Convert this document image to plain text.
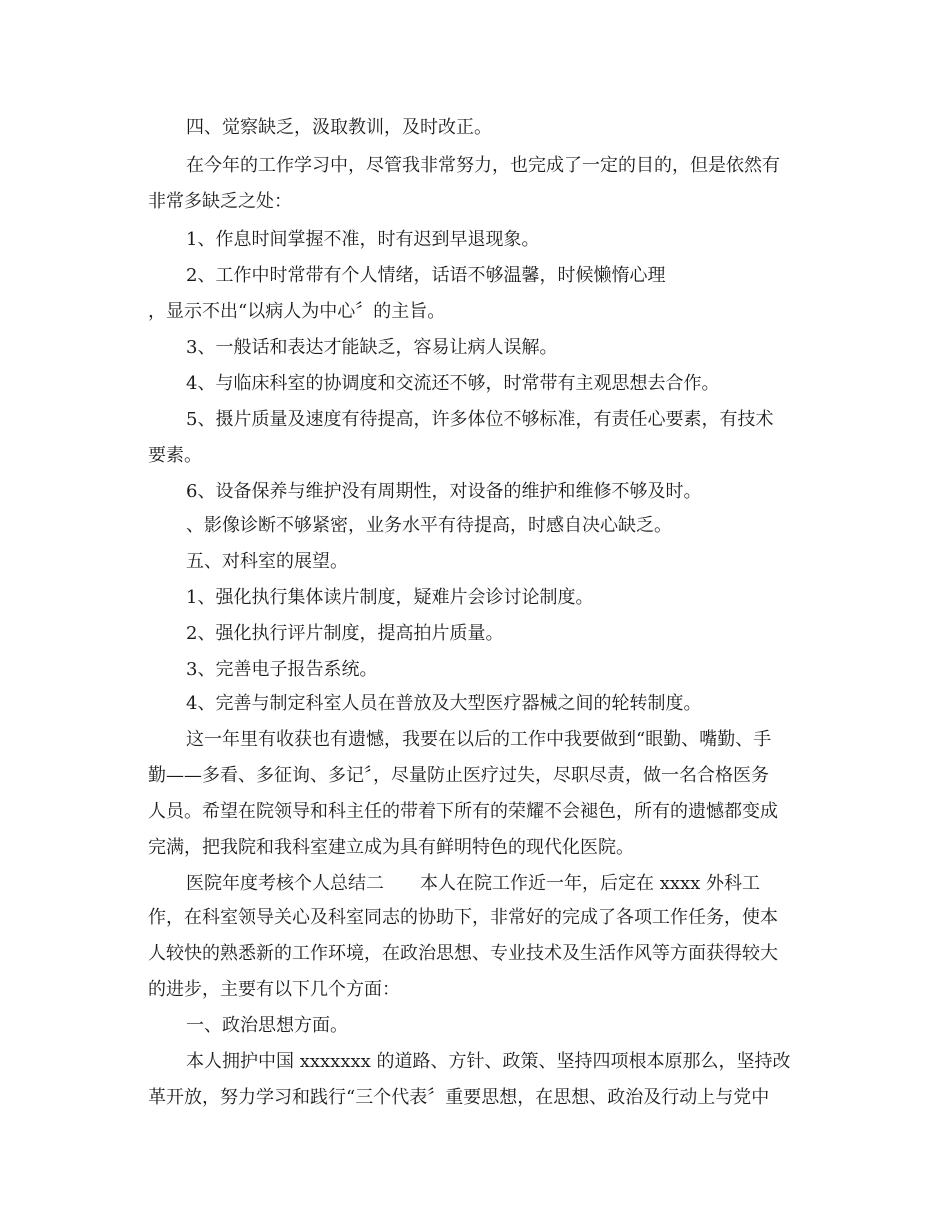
四、觉察缺乏，汲取教训，及时改正。
在今年的工作学习中，尽管我非常努力，也完成了一定的目的，但是依然有
非常多缺乏之处：
1、作息时间掌握不准，时有迟到早退现象。
2、工作中时常带有个人情绪，话语不够温馨，时候懒惰心理
，显示不出“以病人为中心〞的主旨。
3、一般话和表达才能缺乏，容易让病人误解。
4、与临床科室的协调度和交流还不够，时常带有主观思想去合作。
5、摄片质量及速度有待提高，许多体位不够标准，有责任心要素，有技术
要素。
6、设备保养与维护没有周期性，对设备的维护和维修不够及时。
、影像诊断不够紧密，业务水平有待提高，时感自决心缺乏。
五、对科室的展望。
1、强化执行集体读片制度，疑难片会诊讨论制度。
2、强化执行评片制度，提高拍片质量。
3、完善电子报告系统。
4、完善与制定科室人员在普放及大型医疗器械之间的轮转制度。
这一年里有收获也有遗憾，我要在以后的工作中我要做到“眼勤、嘴勤、手
勤——多看、多征询、多记〞，尽量防止医疗过失，尽职尽责，做一名合格医务
人员。希望在院领导和科主任的带着下所有的荣耀不会褪色，所有的遗憾都变成
完满，把我院和我科室建立成为具有鲜明特色的现代化医院。
医院年度考核个人总结二　　本人在院工作近一年，后定在 xxxx 外科工
作，在科室领导关心及科室同志的协助下，非常好的完成了各项工作任务，使本
人较快的熟悉新的工作环境，在政治思想、专业技术及生活作风等方面获得较大
的进步，主要有以下几个方面：
一、政治思想方面。
本人拥护中国 xxxxxxx 的道路、方针、政策、坚持四项根本原那么，坚持改
革开放，努力学习和践行“三个代表〞重要思想，在思想、政治及行动上与党中
